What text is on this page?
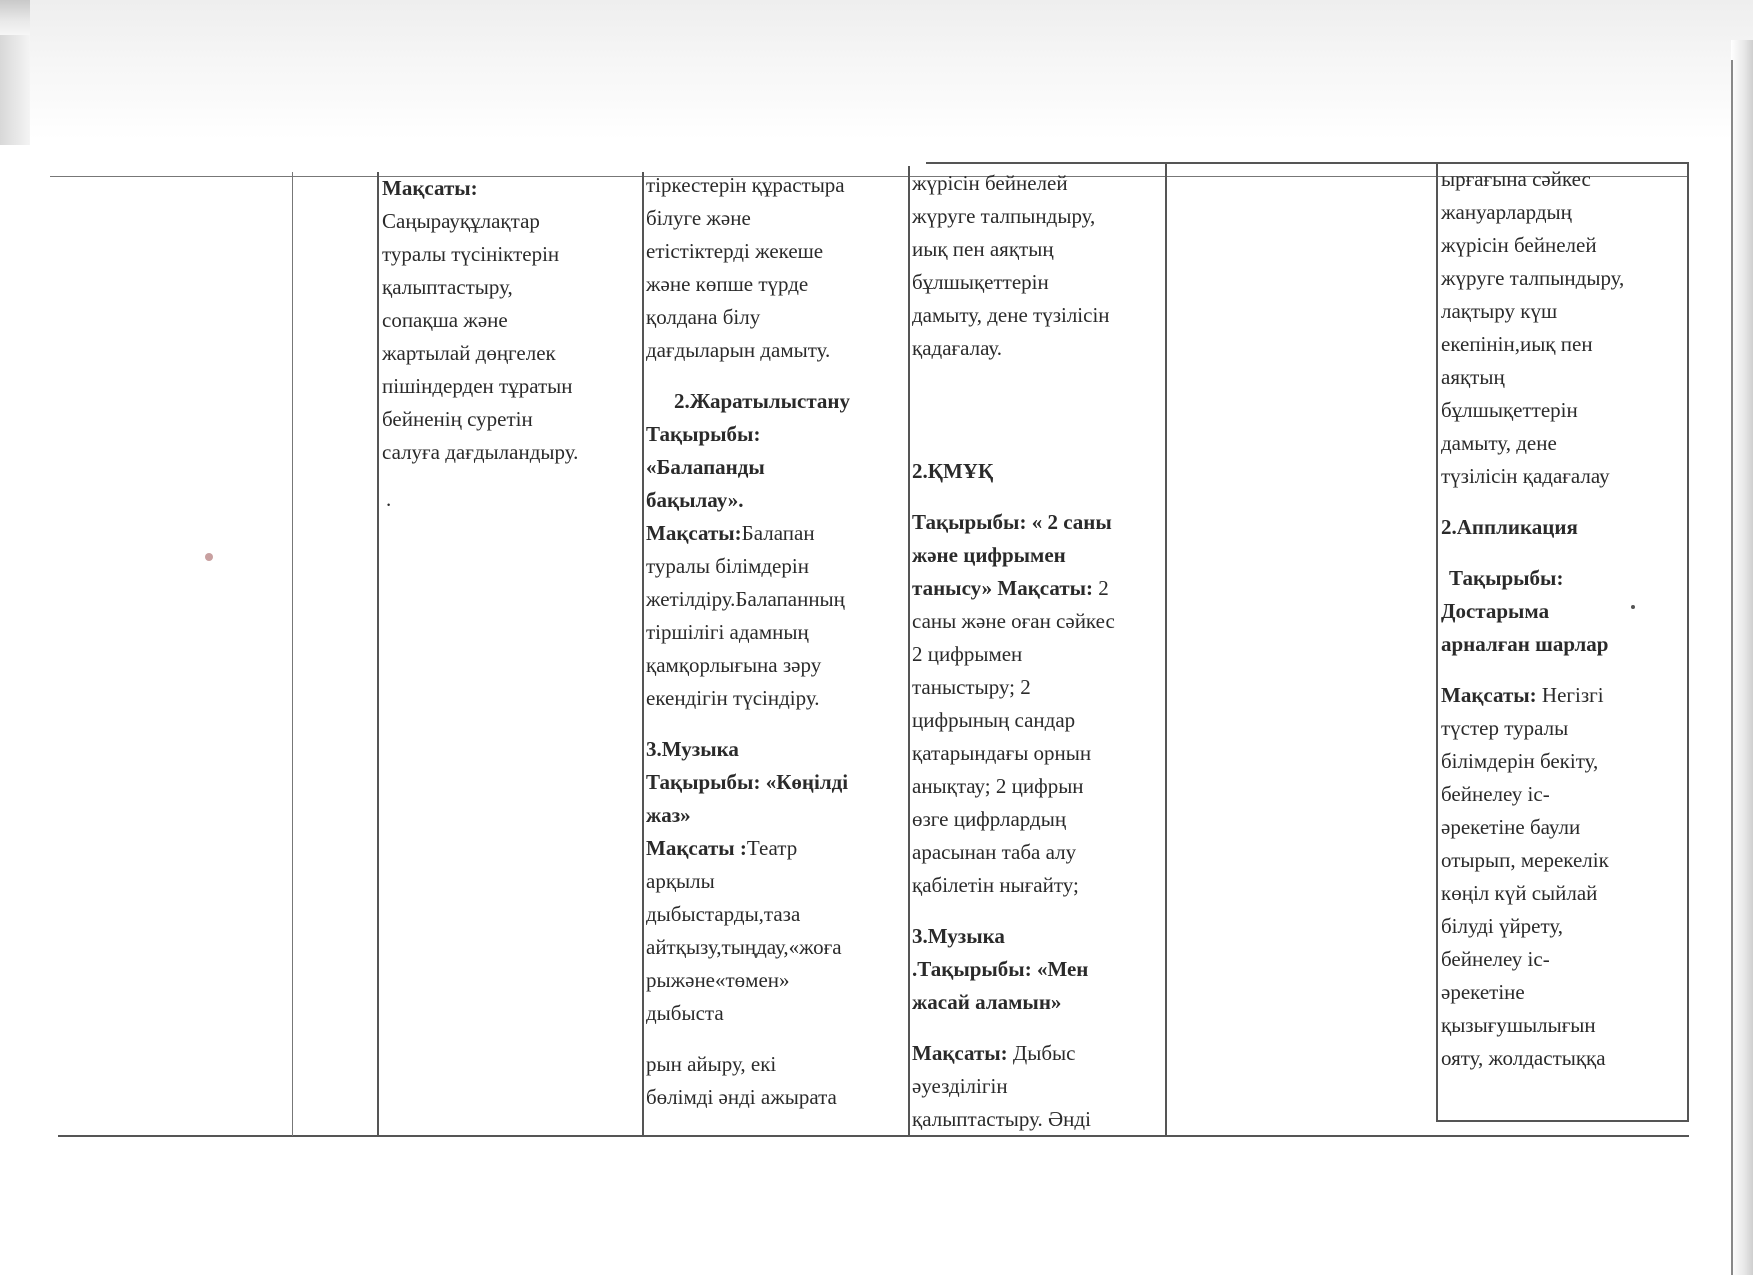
Мақсаты:

Саңырауқұлақтар

туралы түсініктерін

қалыптастыру,

сопақша және

жартылай дөңгелек

пішіндерден тұратын

бейненің суретін

салуға дағдыландыру.

.

тіркестерін құрастыра

білуге және

етістіктерді жекеше

және көпше түрде

қолдана білу

дағдыларын дамыту.

2.Жаратылыстану

Тақырыбы:

«Балапанды

бақылау».

Мақсаты:Балапан

туралы білімдерін

жетілдіру.Балапанның

тіршілігі адамның

қамқорлығына зәру

екендігін түсіндіру.

3.Музыка

Тақырыбы: «Көңілді

жаз»

Мақсаты :Театр

арқылы

дыбыстарды,таза

айтқызу,тыңдау,«жоға

рыжәне«төмен»

дыбыста

рын айыру, екі

бөлімді әнді ажырата

жүрісін бейнелей

жүруге талпындыру,

иық пен аяқтың

бұлшықеттерін

дамыту, дене түзілісін

қадағалау.

2.ҚМҰҚ

Тақырыбы: « 2 саны

және цифрымен

танысу» Мақсаты: 2

саны және оған сәйкес

2 цифрымен

таныстыру; 2

цифрының сандар

қатарындағы орнын

анықтау; 2 цифрын

өзге цифрлардың

арасынан таба алу

қабілетін нығайту;

3.Музыка

.Тақырыбы: «Мен

жасай аламын»

Мақсаты: Дыбыс

әуезділігін

қалыптастыру. Әнді

ырғағына сәйкес

жануарлардың

жүрісін бейнелей

жүруге талпындыру,

лақтыру күш

екепінін,иық пен

аяқтың

бұлшықеттерін

дамыту, дене

түзілісін қадағалау

2.Аппликация

Тақырыбы:

Достарыма

арналған шарлар

Мақсаты: Негізгі

түстер туралы

білімдерін бекіту,

бейнелеу іс-

әрекетіне баули

отырып, мерекелік

көңіл күй сыйлай

білуді үйрету,

бейнелеу іс-

әрекетіне

қызығушылығын

ояту, жолдастыққа
